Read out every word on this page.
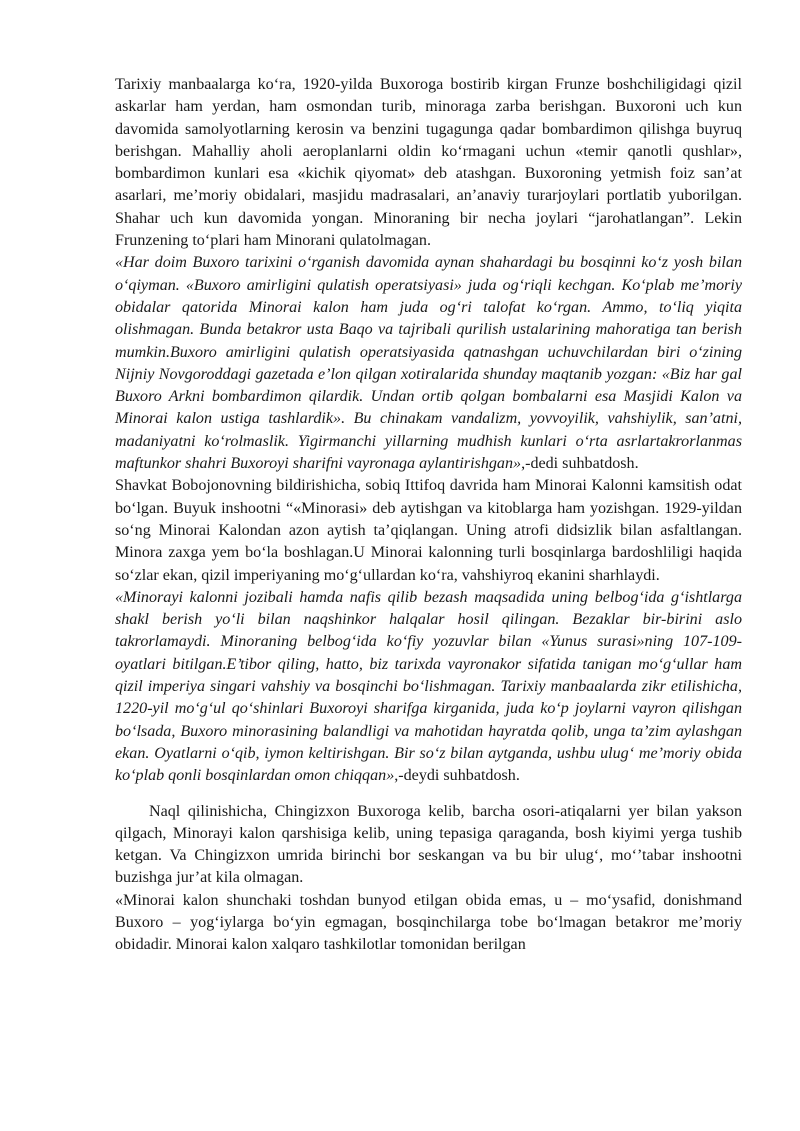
Tarixiy manbaalarga ko‘ra, 1920-yilda Buxoroga bostirib kirgan Frunze boshchiligidagi qizil askarlar ham yerdan, ham osmondan turib, minoraga zarba berishgan. Buxoroni uch kun davomida samolyotlarning kerosin va benzini tugagunga qadar bombardimon qilishga buyruq berishgan. Mahalliy aholi aeroplanlarni oldin ko‘rmagani uchun «temir qanotli qushlar», bombardimon kunlari esa «kichik qiyomat» deb atashgan. Buxoroning yetmish foiz san’at asarlari, me’moriy obidalari, masjidu madrasalari, an’anaviy turarjoylari portlatib yuborilgan. Shahar uch kun davomida yongan. Minoraning bir necha joylari “jarohatlangan”. Lekin Frunzening to‘plari ham Minorani qulatolmagan.

«Har doim Buxoro tarixini o‘rganish davomida aynan shahardagi bu bosqinni ko‘z yosh bilan o‘qiyman. «Buxoro amirligini qulatish operatsiyasi» juda og‘riqli kechgan. Ko‘plab me’moriy obidalar qatorida Minorai kalon ham juda og‘ri talofat ko‘rgan. Ammo, to‘liq yiqita olishmagan. Bunda betakror usta Baqo va tajribali qurilish ustalarining mahoratiga tan berish mumkin.Buxoro amirligini qulatish operatsiyasida qatnashgan uchuvchilardan biri o‘zining Nijniy Novgoroddagi gazetada e’lon qilgan xotiralarida shunday maqtanib yozgan: «Biz har gal Buxoro Arkni bombardimon qilardik. Undan ortib qolgan bombalarni esa Masjidi Kalon va Minorai kalon ustiga tashlardik». Bu chinakam vandalizm, yovvoyilik, vahshiylik, san’atni, madaniyatni ko‘rolmaslik. Yigirmanchi yillarning mudhish kunlari o‘rta asrlartakrorlanmas maftunkor shahri Buxoroyi sharifni vayronaga aylantirishgan»,-dedi suhbatdosh.

Shavkat Bobojonovning bildirishicha, sobiq Ittifoq davrida ham Minorai Kalonni kamsitish odat bo‘lgan. Buyuk inshootni “«Minorasi» deb aytishgan va kitoblarga ham yozishgan. 1929-yildan so‘ng Minorai Kalondan azon aytish ta’qiqlangan. Uning atrofi didsizlik bilan asfaltlangan. Minora zaxga yem bo‘la boshlagan.U Minorai kalonning turli bosqinlarga bardoshliligi haqida so‘zlar ekan, qizil imperiyaning mo‘g‘ullardan ko‘ra, vahshiyroq ekanini sharhlaydi.

«Minorayi kalonni jozibali hamda nafis qilib bezash maqsadida uning belbog‘ida g‘ishtlarga shakl berish yo‘li bilan naqshinkor halqalar hosil qilingan. Bezaklar bir-birini aslo takrorlamaydi. Minoraning belbog‘ida ko‘fiy yozuvlar bilan «Yunus surasi»ning 107-109-oyatlari bitilgan.E’tibor qiling, hatto, biz tarixda vayronakor sifatida tanigan mo‘g‘ullar ham qizil imperiya singari vahshiy va bosqinchi bo‘lishmagan. Tarixiy manbaalarda zikr etilishicha, 1220-yil mo‘g‘ul qo‘shinlari Buxoroyi sharifga kirganida, juda ko‘p joylarni vayron qilishgan bo‘lsada, Buxoro minorasining balandligi va mahotidan hayratda qolib, unga ta’zim aylashgan ekan. Oyatlarni o‘qib, iymon keltirishgan. Bir so‘z bilan aytganda, ushbu ulug‘ me’moriy obida ko‘plab qonli bosqinlardan omon chiqqan»,-deydi suhbatdosh.

Naql qilinishicha, Chingizxon Buxoroga kelib, barcha osori-atiqalarni yer bilan yakson qilgach, Minorayi kalon qarshisiga kelib, uning tepasiga qaraganda, bosh kiyimi yerga tushib ketgan. Va Chingizxon umrida birinchi bor seskangan va bu bir ulug‘, mo‘’tabar inshootni buzishga jur’at kila olmagan.

«Minorai kalon shunchaki toshdan bunyod etilgan obida emas, u – mo‘ysafid, donishmand Buxoro – yog‘iylarga bo‘yin egmagan, bosqinchilarga tobe bo‘lmagan betakror me’moriy obidadir. Minorai kalon xalqaro tashkilotlar tomonidan berilgan
